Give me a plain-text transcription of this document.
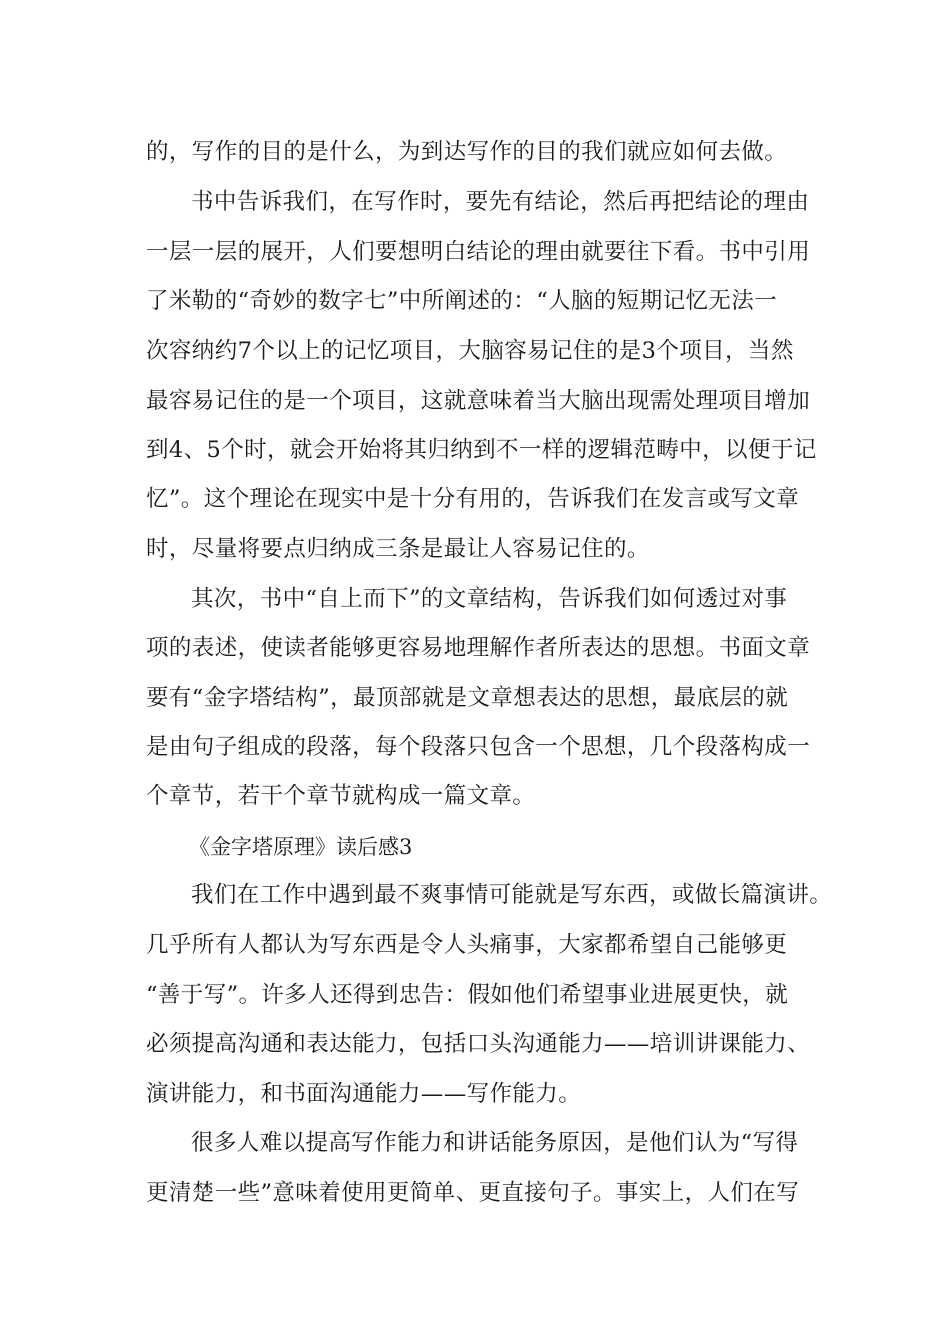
的，写作的目的是什么，为到达写作的目的我们就应如何去做。
书中告诉我们，在写作时，要先有结论，然后再把结论的理由
一层一层的展开，人们要想明白结论的理由就要往下看。书中引用
了米勒的“奇妙的数字七”中所阐述的：“人脑的短期记忆无法一
次容纳约7个以上的记忆项目，大脑容易记住的是3个项目，当然
最容易记住的是一个项目，这就意味着当大脑出现需处理项目增加
到4、5个时，就会开始将其归纳到不一样的逻辑范畴中，以便于记
忆”。这个理论在现实中是十分有用的，告诉我们在发言或写文章
时，尽量将要点归纳成三条是最让人容易记住的。
其次，书中“自上而下”的文章结构，告诉我们如何透过对事
项的表述，使读者能够更容易地理解作者所表达的思想。书面文章
要有“金字塔结构”，最顶部就是文章想表达的思想，最底层的就
是由句子组成的段落，每个段落只包含一个思想，几个段落构成一
个章节，若干个章节就构成一篇文章。
《金字塔原理》读后感3
我们在工作中遇到最不爽事情可能就是写东西，或做长篇演讲。
几乎所有人都认为写东西是令人头痛事，大家都希望自己能够更
“善于写”。许多人还得到忠告：假如他们希望事业进展更快，就
必须提高沟通和表达能力，包括口头沟通能力——培训讲课能力、
演讲能力，和书面沟通能力——写作能力。
很多人难以提高写作能力和讲话能务原因，是他们认为“写得
更清楚一些”意味着使用更简单、更直接句子。事实上，人们在写
